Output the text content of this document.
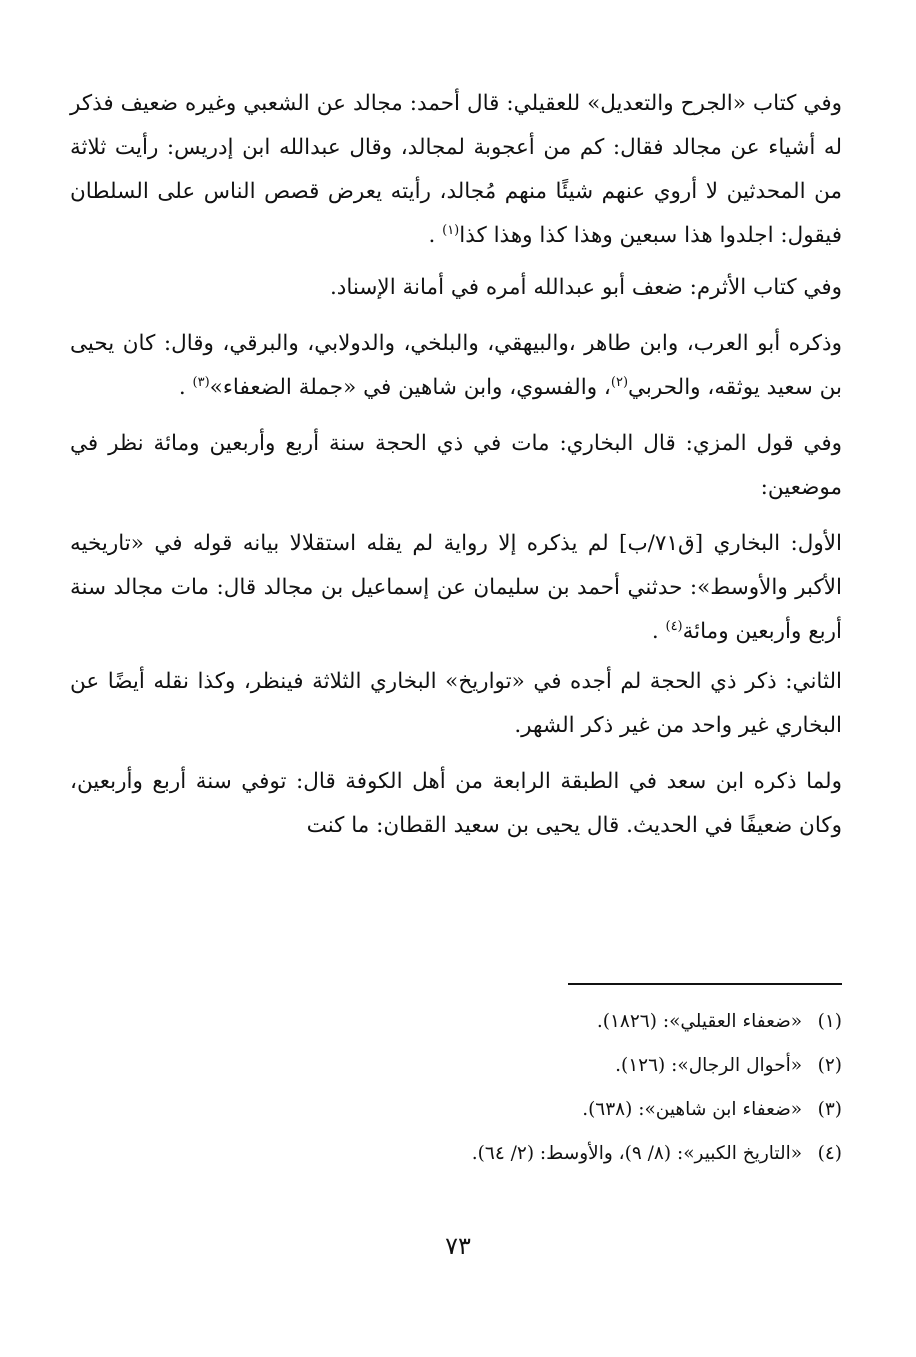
وفي كتاب «الجرح والتعديل» للعقيلي: قال أحمد: مجالد عن الشعبي وغيره ضعيف فذكر له أشياء عن مجالد فقال: كم من أعجوبة لمجالد، وقال عبدالله ابن إدريس: رأيت ثلاثة من المحدثين لا أروي عنهم شيئًا منهم مُجالد، رأيته يعرض قصص الناس على السلطان فيقول: اجلدوا هذا سبعين وهذا كذا وهذا كذا$^{(١)}$ .

وفي كتاب الأثرم: ضعف أبو عبدالله أمره في أمانة الإسناد.

وذكره أبو العرب، وابن طاهر ،والبيهقي، والبلخي، والدولابي، والبرقي، وقال: كان يحيى بن سعيد يوثقه، والحربي$^{(٢)}$، والفسوي، وابن شاهين في «جملة الضعفاء»$^{(٣)}$ .

وفي قول المزي: قال البخاري: مات في ذي الحجة سنة أربع وأربعين ومائة نظر في موضعين:

الأول: البخاري [ق٧١/ب] لم يذكره إلا رواية لم يقله استقلالا بيانه قوله في «تاريخيه الأكبر والأوسط»: حدثني أحمد بن سليمان عن إسماعيل بن مجالد قال: مات مجالد سنة أربع وأربعين ومائة$^{(٤)}$ .

الثاني: ذكر ذي الحجة لم أجده في «تواريخ» البخاري الثلاثة فينظر، وكذا نقله أيضًا عن البخاري غير واحد من غير ذكر الشهر.

ولما ذكره ابن سعد في الطبقة الرابعة من أهل الكوفة قال: توفي سنة أربع وأربعين، وكان ضعيفًا في الحديث. قال يحيى بن سعيد القطان: ما كنت

(١) «ضعفاء العقيلي»: (١٨٢٦).
(٢) «أحوال الرجال»: (١٢٦).
(٣) «ضعفاء ابن شاهين»: (٦٣٨).
(٤) «التاريخ الكبير»: (٨/ ٩)، والأوسط: (٢/ ٦٤).
٧٣
